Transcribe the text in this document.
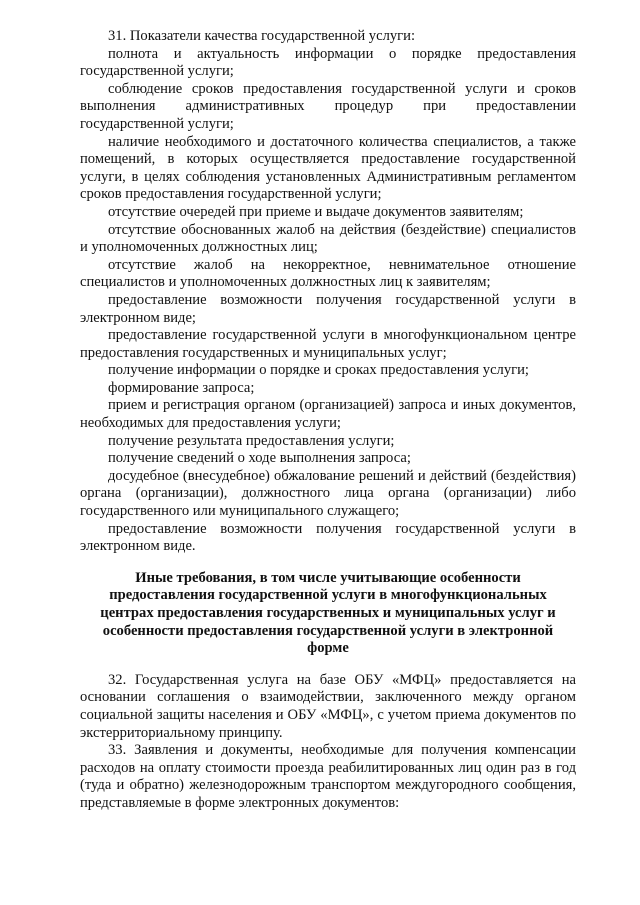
31. Показатели качества государственной услуги:

полнота и актуальность информации о порядке предоставления государственной услуги;

соблюдение сроков предоставления государственной услуги и сроков выполнения административных процедур при предоставлении государственной услуги;

наличие необходимого и достаточного количества специалистов, а также помещений, в которых осуществляется предоставление государственной услуги, в целях соблюдения установленных Административным регламентом сроков предоставления государственной услуги;

отсутствие очередей при приеме и выдаче документов заявителям;

отсутствие обоснованных жалоб на действия (бездействие) специалистов и уполномоченных должностных лиц;

отсутствие жалоб на некорректное, невнимательное отношение специалистов и уполномоченных должностных лиц к заявителям;

предоставление возможности получения государственной услуги в электронном виде;

предоставление государственной услуги в многофункциональном центре предоставления государственных и муниципальных услуг;

получение информации о порядке и сроках предоставления услуги;

формирование запроса;

прием и регистрация органом (организацией) запроса и иных документов, необходимых для предоставления услуги;

получение результата предоставления услуги;

получение сведений о ходе выполнения запроса;

досудебное (внесудебное) обжалование решений и действий (бездействия) органа (организации), должностного лица органа (организации) либо государственного или муниципального служащего;

предоставление возможности получения государственной услуги в электронном виде.

Иные требования, в том числе учитывающие особенности предоставления государственной услуги в многофункциональных центрах предоставления государственных и муниципальных услуг и особенности предоставления государственной услуги в электронной форме

32. Государственная услуга на базе ОБУ «МФЦ» предоставляется на основании соглашения о взаимодействии, заключенного между органом социальной защиты населения и ОБУ «МФЦ», с учетом приема документов по экстерриториальному принципу.

33. Заявления и документы, необходимые для получения компенсации расходов на оплату стоимости проезда реабилитированных лиц один раз в год (туда и обратно) железнодорожным транспортом междугородного сообщения, представляемые в форме электронных документов:
